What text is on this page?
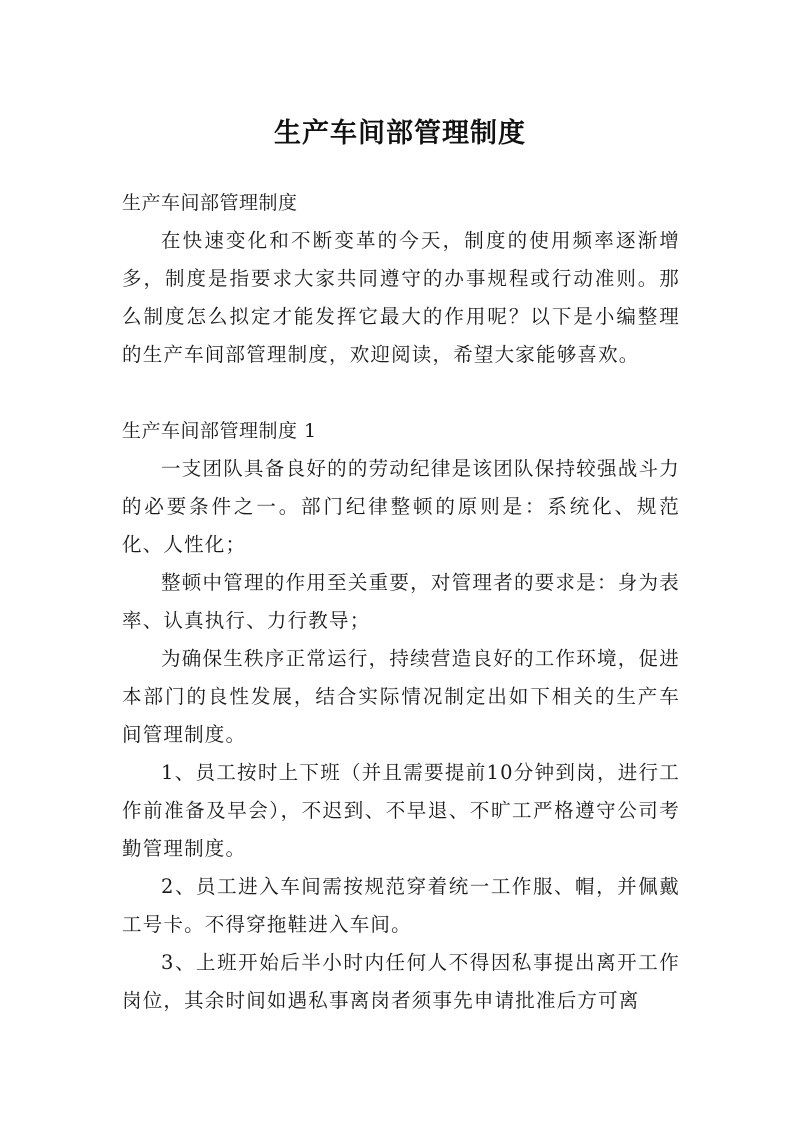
生产车间部管理制度

生产车间部管理制度

在快速变化和不断变革的今天，制度的使用频率逐渐增多，制度是指要求大家共同遵守的办事规程或行动准则。那么制度怎么拟定才能发挥它最大的作用呢？以下是小编整理的生产车间部管理制度，欢迎阅读，希望大家能够喜欢。

生产车间部管理制度 1

一支团队具备良好的的劳动纪律是该团队保持较强战斗力的必要条件之一。部门纪律整顿的原则是：系统化、规范化、人性化；

整顿中管理的作用至关重要，对管理者的要求是：身为表率、认真执行、力行教导；

为确保生秩序正常运行，持续营造良好的工作环境，促进本部门的良性发展，结合实际情况制定出如下相关的生产车间管理制度。

1、员工按时上下班（并且需要提前10分钟到岗，进行工作前准备及早会），不迟到、不早退、不旷工严格遵守公司考勤管理制度。

2、员工进入车间需按规范穿着统一工作服、帽，并佩戴工号卡。不得穿拖鞋进入车间。

3、上班开始后半小时内任何人不得因私事提出离开工作岗位，其余时间如遇私事离岗者须事先申请批准后方可离
